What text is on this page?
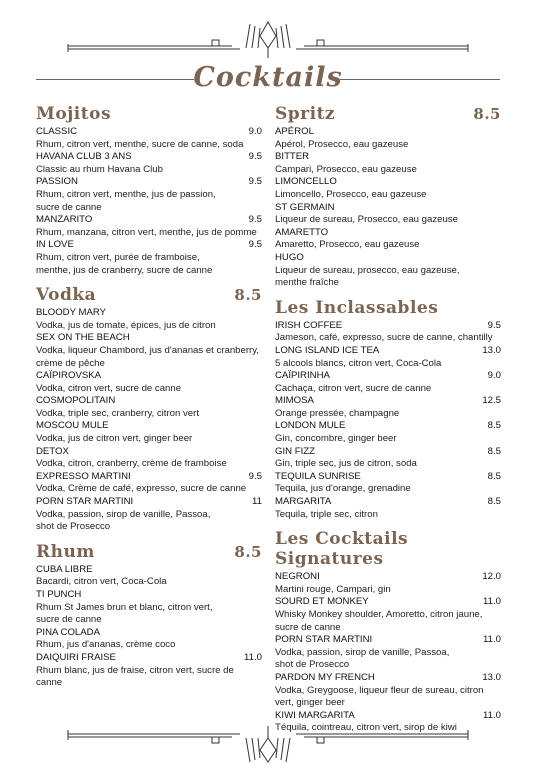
Cocktails
Mojitos
CLASSIC	9.0
Rhum, citron vert, menthe, sucre de canne, soda
HAVANA CLUB 3 ANS	9.5
Classic au rhum Havana Club
PASSION	9.5
Rhum, citron vert, menthe, jus de passion, sucre de canne
MANZARITO	9.5
Rhum, manzana, citron vert, menthe, jus de pomme
IN LOVE	9.5
Rhum, citron vert, purée de framboise, menthe, jus de cranberry, sucre de canne
Vodka	8.5
BLOODY MARY
Vodka, jus de tomate, épices, jus de citron
SEX ON THE BEACH
Vodka, liqueur Chambord, jus d'ananas et cranberry, crème de pêche
CAÏPIROVSKA
Vodka, citron vert, sucre de canne
COSMOPOLITAIN
Vodka, triple sec, cranberry, citron vert
MOSCOU MULE
Vodka, jus de citron vert, ginger beer
DETOX
Vodka, citron, cranberry, crème de framboise
EXPRESSO MARTINI	9.5
Vodka, Crème de café, expresso, sucre de canne
PORN STAR MARTINI	11
Vodka, passion, sirop de vanille, Passoa, shot de Prosecco
Rhum	8.5
CUBA LIBRE
Bacardi, citron vert, Coca-Cola
TI PUNCH
Rhum St James brun et blanc, citron vert, sucre de canne
PINA COLADA
Rhum, jus d'ananas, crème coco
DAIQUIRI FRAISE	11.0
Rhum blanc, jus de fraise, citron vert, sucre de canne
Spritz	8.5
APÉROL
Apérol, Prosecco, eau gazeuse
BITTER
Campari, Prosecco, eau gazeuse
LIMONCELLO
Limoncello, Prosecco, eau gazeuse
ST GERMAIN
Liqueur de sureau, Prosecco, eau gazeuse
AMARETTO
Amaretto, Prosecco, eau gazeuse
HUGO
Liqueur de sureau, prosecco, eau gazeuse, menthe fraîche
Les Inclassables
IRISH COFFEE	9.5
Jameson, café, expresso, sucre de canne, chantilly
LONG ISLAND ICE TEA	13.0
5 alcools blancs, citron vert, Coca-Cola
CAÏPIRINHA	9.0
Cachaça, citron vert, sucre de canne
MIMOSA	12.5
Orange pressée, champagne
LONDON MULE	8.5
Gin, concombre, ginger beer
GIN FIZZ	8.5
Gin, triple sec, jus de citron, soda
TEQUILA SUNRISE	8.5
Tequila, jus d'orange, grenadine
MARGARITA	8.5
Tequila, triple sec, citron
Les Cocktails Signatures
NEGRONI	12.0
Martini rouge, Campari, gin
SOURD ET MONKEY	11.0
Whisky Monkey shoulder, Amoretto, citron jaune, sucre de canne
PORN STAR MARTINI	11.0
Vodka, passion, sirop de vanille, Passoa, shot de Prosecco
PARDON MY FRENCH	13.0
Vodka, Greygoose, liqueur fleur de sureau, citron vert, ginger beer
KIWI MARGARITA	11.0
Téquila, cointreau, citron vert, sirop de kiwi
